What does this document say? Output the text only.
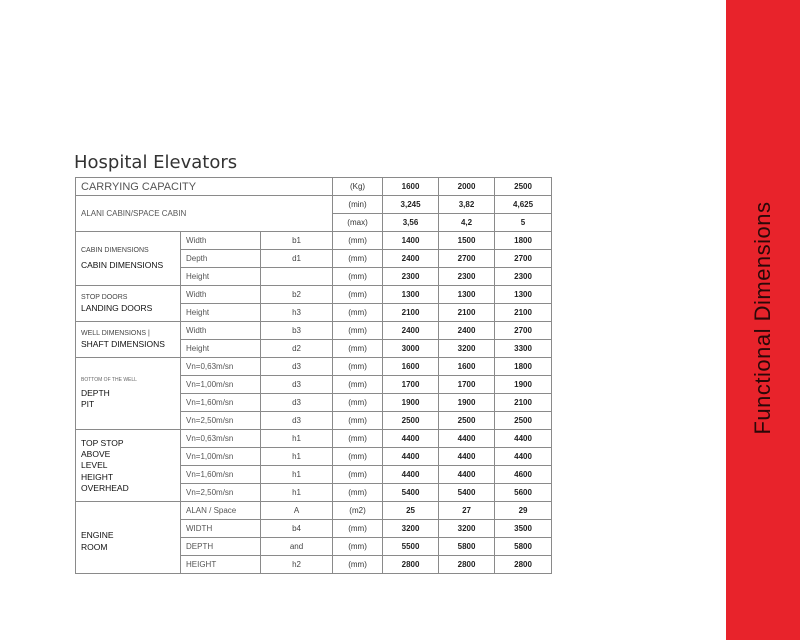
Functional Dimensions
Hospital Elevators
CARRYING CAPACITY			(Kg)	1600	2000	2500
ALANI CABIN/SPACE CABIN			(min)	3,245	3,82	4,625
			(max)	3,56	4,2	5

CABIN DIMENSIONS
CABIN DIMENSIONS	Width	b1	(mm)	1400	1500	1800
	Depth	d1	(mm)	2400	2700	2700
	Height		(mm)	2300	2300	2300

STOP DOORS
LANDING DOORS	Width	b2	(mm)	1300	1300	1300
	Height	h3	(mm)	2100	2100	2100

WELL DIMENSIONS |
SHAFT DIMENSIONS	Width	b3	(mm)	2400	2400	2700
	Height	d2	(mm)	3000	3200	3300

BOTTOM OF THE WELL
DEPTH
PIT	Vn=0,63m/sn	d3	(mm)	1600	1600	1800
	Vn=1,00m/sn	d3	(mm)	1700	1700	1900
	Vn=1,60m/sn	d3	(mm)	1900	1900	2100
	Vn=2,50m/sn	d3	(mm)	2500	2500	2500

TOP STOP
ABOVE
LEVEL
HEIGHT
OVERHEAD	Vn=0,63m/sn	h1	(mm)	4400	4400	4400
	Vn=1,00m/sn	h1	(mm)	4400	4400	4400
	Vn=1,60m/sn	h1	(mm)	4400	4400	4600
	Vn=2,50m/sn	h1	(mm)	5400	5400	5600

ENGINE
ROOM	ALAN / Space	A	(m2)	25	27	29
	WIDTH	b4	(mm)	3200	3200	3500
	DEPTH	and	(mm)	5500	5800	5800
	HEIGHT	h2	(mm)	2800	2800	2800
